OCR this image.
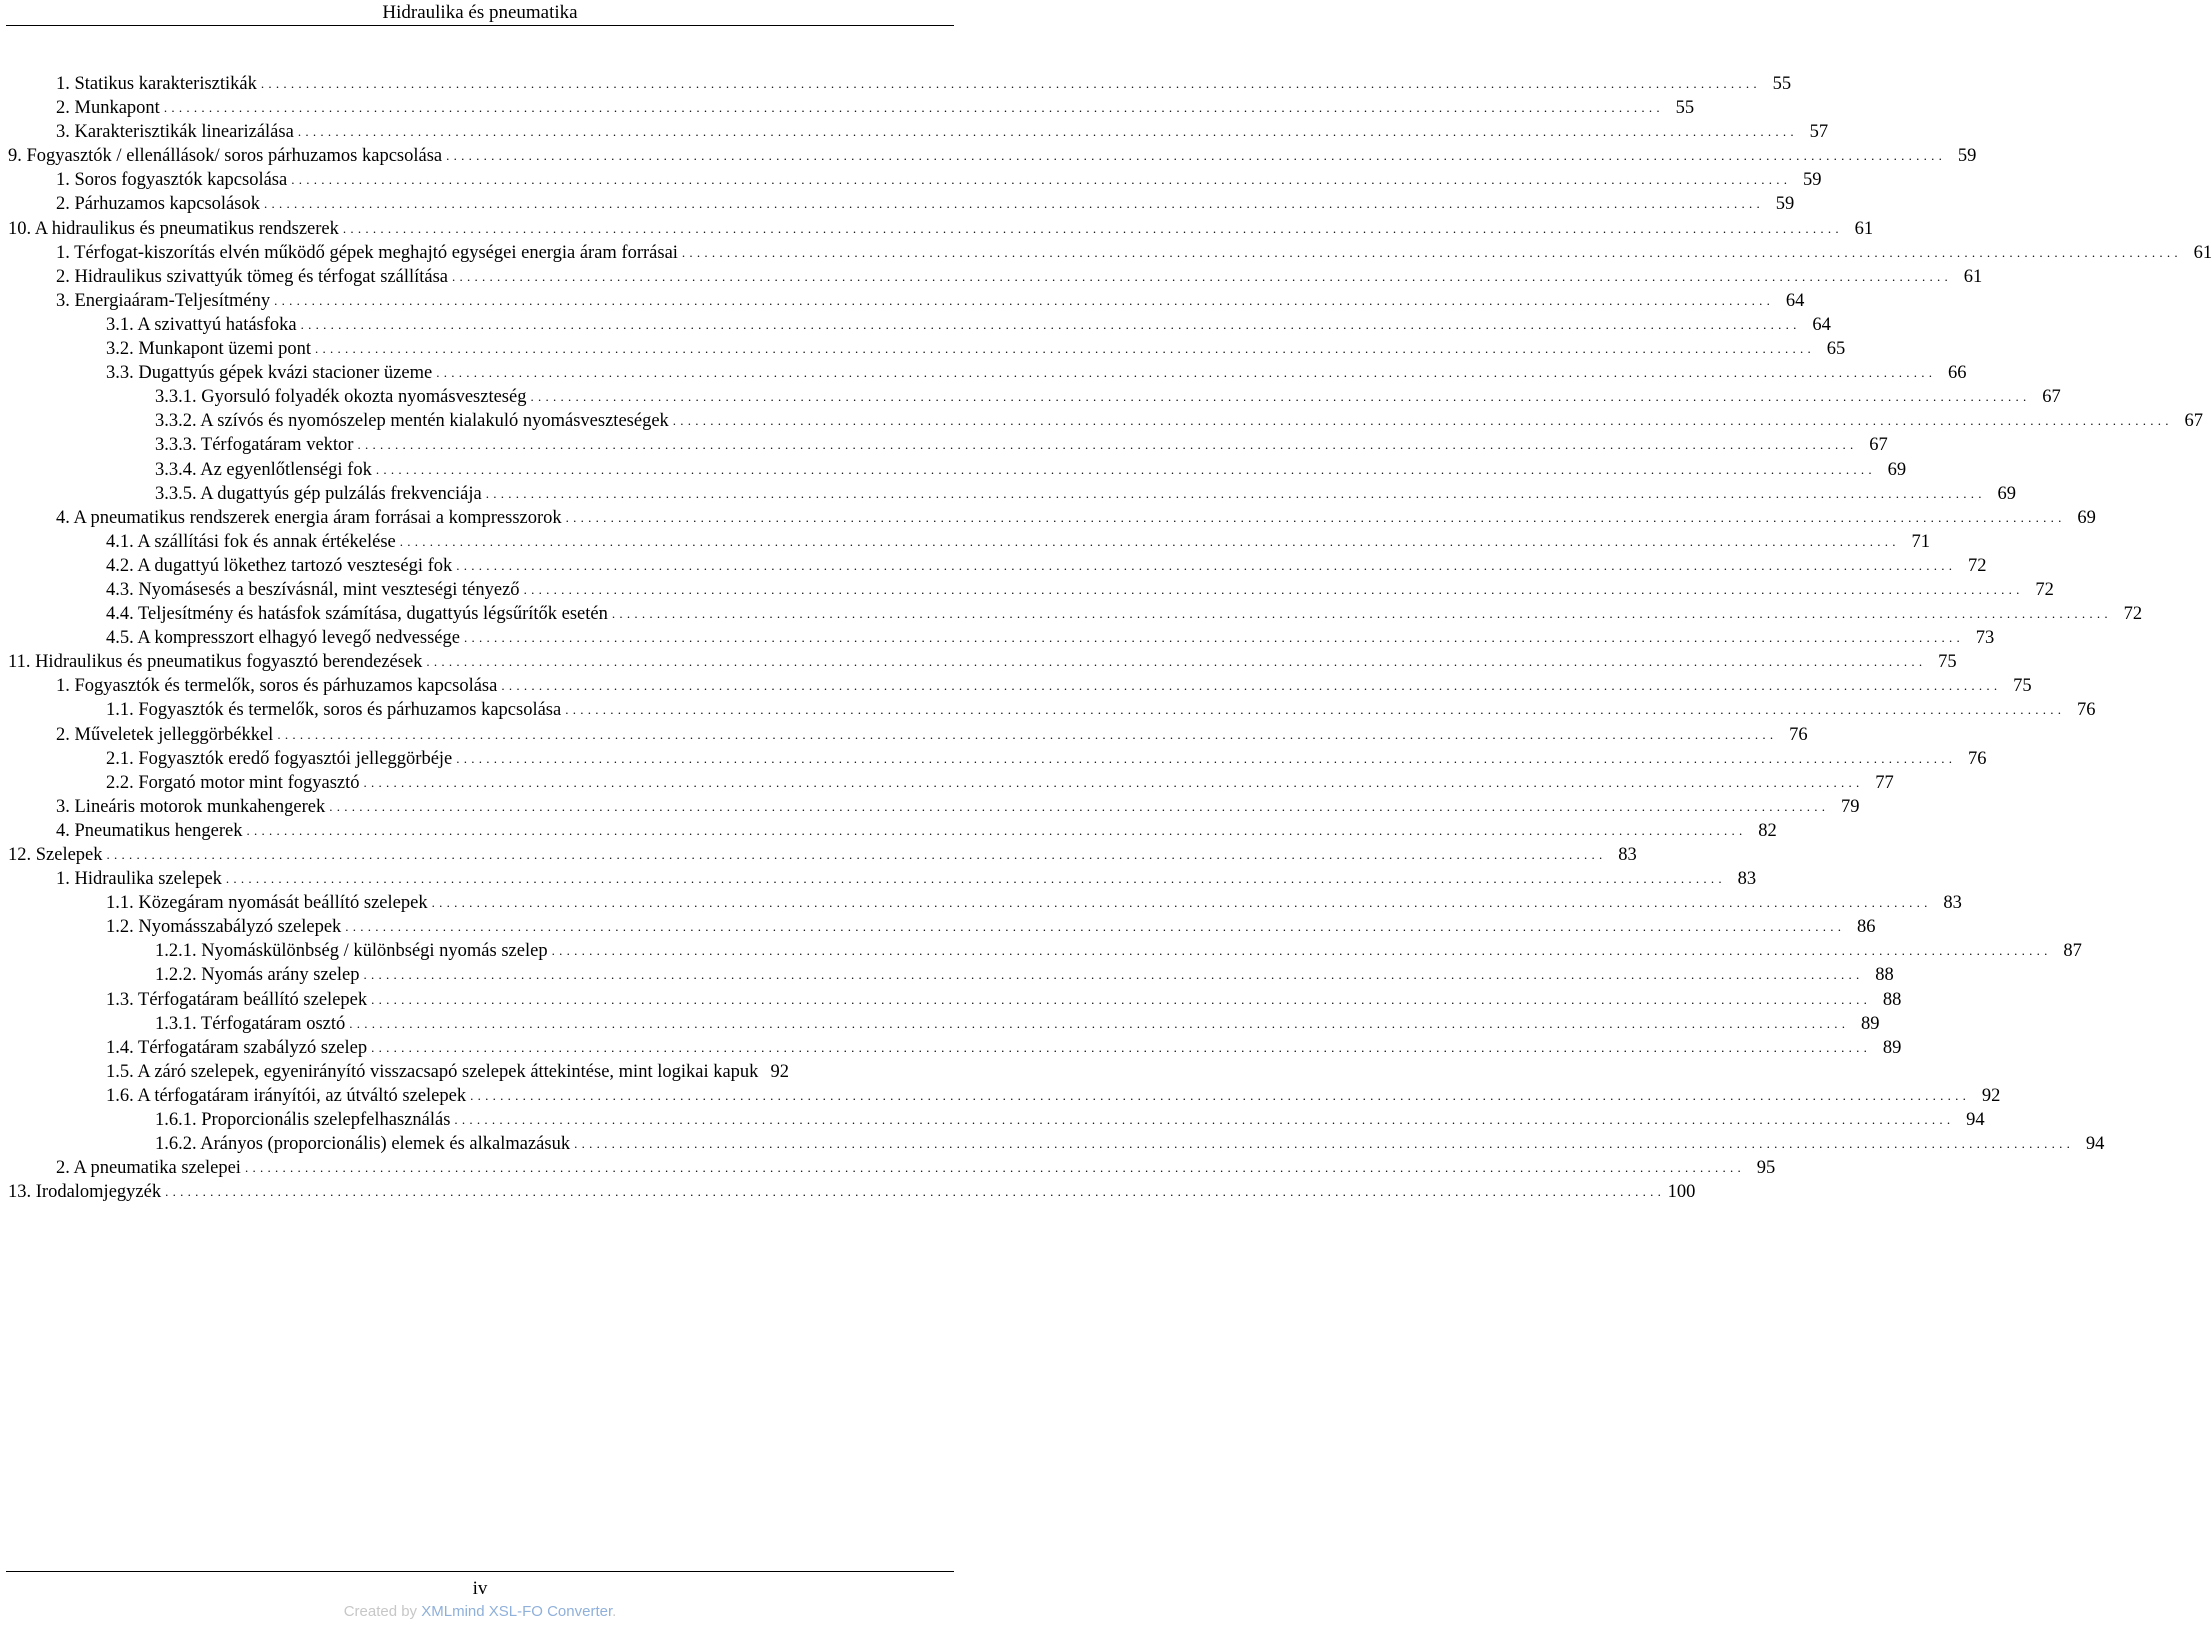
Hidraulika és pneumatika
1. Statikus karakterisztikák . . . . . . . . . . . . . . . . . . . . . . . . . . . . . . . . . . . . . . . . . . . . . . . . . . . . . . . . . . . . . . . . . . . . . . . . . . . . . . . . . . . . . . . . . . . . . . . . . . . . . . . . . . . . . . . . . . . . . . . . . . . . . . . . . . . . . . . . . . . . . . . . . . . . . . . . . . . . . . . . . . . . . . . . . . . . . . . . . . . . . . . . . . . . . . . . . . . . . . . . 55
2. Munkapont . . . . . . . . . . . . . . . . . . . . . . . . . . . . . . . . . . . . . . . . . . . . . . . . . . . . . . . . . . . . . . . . . . . . . . . . . . . . . . . . . . . . . . . . . . . . . . . . . . . . . . . . . . . . . . . . . . . . . . . . . . . . . . . . . . . . . . . . . . . . . . . . . . . . . . . . . . . . . . . . . . . . . . . . . . . . . . . . . . . . . . . . . . . . . . . . . . . . . . . . 55
3. Karakterisztikák linearizálása . . . . . . . . . . . . . . . . . . . . . . . . . . . . . . . . . . . . . . . . . . . . . . . . . . . . . . . . . . . . . . . . . . . . . . . . . . . . . . . . . . . . . . . . . . . . . . . . . . . . . . . . . . . . . . . . . . . . . . . . . . . . . . . . . . . . . . . . . . . . . . . . . . . . . . . . . . . . . . . . . . . . . . . . . . . . . . . . . . . . . . . . . . . . . . . . . . . . . . . . 57
9. Fogyasztók / ellenállások/ soros párhuzamos kapcsolása . . . . . . . . . . . . . . . . . . . . . . . . . . . . . . . . . . . . . . . . . . . . . . . . . . . . . . . . . . . . . . . . . . . . . . . . . . . . . . . . . . . . . . . . . . . . . . . . . . . . . . . . . . . . . . . . . . . . . . . . . . . . . . . . . . . . . . . . . . . . . . . . . . . . . . . . . . . . . . . . . . . . . . . . . . . . . . . . . . . . . . . . . . . . . . . . . . . . . . . . 59
1. Soros fogyasztók kapcsolása . . . . . . . . . . . . . . . . . . . . . . . . . . . . . . . . . . . . . . . . . . . . . . . . . . . . . . . . . . . . . . . . . . . . . . . . . . . . . . . . . . . . . . . . . . . . . . . . . . . . . . . . . . . . . . . . . . . . . . . . . . . . . . . . . . . . . . . . . . . . . . . . . . . . . . . . . . . . . . . . . . . . . . . . . . . . . . . . . . . . . . . . . . . . . . . . . . . . . . . . 59
2. Párhuzamos kapcsolások . . . . . . . . . . . . . . . . . . . . . . . . . . . . . . . . . . . . . . . . . . . . . . . . . . . . . . . . . . . . . . . . . . . . . . . . . . . . . . . . . . . . . . . . . . . . . . . . . . . . . . . . . . . . . . . . . . . . . . . . . . . . . . . . . . . . . . . . . . . . . . . . . . . . . . . . . . . . . . . . . . . . . . . . . . . . . . . . . . . . . . . . . . . . . . . . . . . . . . . . 59
10. A hidraulikus és pneumatikus rendszerek . . . . . . . . . . . . . . . . . . . . . . . . . . . . . . . . . . . . . . . . . . . . . . . . . . . . . . . . . . . . . . . . . . . . . . . . . . . . . . . . . . . . . . . . . . . . . . . . . . . . . . . . . . . . . . . . . . . . . . . . . . . . . . . . . . . . . . . . . . . . . . . . . . . . . . . . . . . . . . . . . . . . . . . . . . . . . . . . . . . . . . . . . . . . . . . . . . . . . . . . 61
1. Térfogat-kiszorítás elvén működő gépek meghajtó egységei energia áram forrásai . . . . . . . . . . . . . . . . . . . . . . . . . . . . . . . . . . . . . . . . . . . . . . . . . . . . . . . . . . . . . . . . . . . . . . . . . . . . . . . . . . . . . . . . . . . . . . . . . . . . . . . . . . . . . . . . . . . . . . . . . . . . . . . . . . . . . . . . . . . . . . . . . . . . . . . . . . . . . . . . . . . . . . . . . . . . . . . . . . . . . . . . . . . . . . . . . . . . . . . . 61
2. Hidraulikus szivattyúk tömeg és térfogat szállítása . . . . . . . . . . . . . . . . . . . . . . . . . . . . . . . . . . . . . . . . . . . . . . . . . . . . . . . . . . . . . . . . . . . . . . . . . . . . . . . . . . . . . . . . . . . . . . . . . . . . . . . . . . . . . . . . . . . . . . . . . . . . . . . . . . . . . . . . . . . . . . . . . . . . . . . . . . . . . . . . . . . . . . . . . . . . . . . . . . . . . . . . . . . . . . . . . . . . . . . . 61
3. Energiaáram-Teljesítmény . . . . . . . . . . . . . . . . . . . . . . . . . . . . . . . . . . . . . . . . . . . . . . . . . . . . . . . . . . . . . . . . . . . . . . . . . . . . . . . . . . . . . . . . . . . . . . . . . . . . . . . . . . . . . . . . . . . . . . . . . . . . . . . . . . . . . . . . . . . . . . . . . . . . . . . . . . . . . . . . . . . . . . . . . . . . . . . . . . . . . . . . . . . . . . . . . . . . . . . . 64
3.1. A szivattyú hatásfoka . . . . . . . . . . . . . . . . . . . . . . . . . . . . . . . . . . . . . . . . . . . . . . . . . . . . . . . . . . . . . . . . . . . . . . . . . . . . . . . . . . . . . . . . . . . . . . . . . . . . . . . . . . . . . . . . . . . . . . . . . . . . . . . . . . . . . . . . . . . . . . . . . . . . . . . . . . . . . . . . . . . . . . . . . . . . . . . . . . . . . . . . . . . . . . . . . . . . . . . . 64
3.2. Munkapont üzemi pont . . . . . . . . . . . . . . . . . . . . . . . . . . . . . . . . . . . . . . . . . . . . . . . . . . . . . . . . . . . . . . . . . . . . . . . . . . . . . . . . . . . . . . . . . . . . . . . . . . . . . . . . . . . . . . . . . . . . . . . . . . . . . . . . . . . . . . . . . . . . . . . . . . . . . . . . . . . . . . . . . . . . . . . . . . . . . . . . . . . . . . . . . . . . . . . . . . . . . . . . 65
3.3. Dugattyús gépek kvázi stacioner üzeme . . . . . . . . . . . . . . . . . . . . . . . . . . . . . . . . . . . . . . . . . . . . . . . . . . . . . . . . . . . . . . . . . . . . . . . . . . . . . . . . . . . . . . . . . . . . . . . . . . . . . . . . . . . . . . . . . . . . . . . . . . . . . . . . . . . . . . . . . . . . . . . . . . . . . . . . . . . . . . . . . . . . . . . . . . . . . . . . . . . . . . . . . . . . . . . . . . . . . . . . 66
3.3.1. Gyorsuló folyadék okozta nyomásveszteség . . . . . . . . . . . . . . . . . . . . . . . . . . . . . . . . . . . . . . . . . . . . . . . . . . . . . . . . . . . . . . . . . . . . . . . . . . . . . . . . . . . . . . . . . . . . . . . . . . . . . . . . . . . . . . . . . . . . . . . . . . . . . . . . . . . . . . . . . . . . . . . . . . . . . . . . . . . . . . . . . . . . . . . . . . . . . . . . . . . . . . . . . . . . . . . . . . . . . . . . 67
3.3.2. A szívós és nyomószelep mentén kialakuló nyomásveszteségek . . . . . . . . . . . . . . . . . . . . . . . . . . . . . . . . . . . . . . . . . . . . . . . . . . . . . . . . . . . . . . . . . . . . . . . . . . . . . . . . . . . . . . . . . . . . . . . . . . . . . . . . . . . . . . . . . . . . . . . . . . . . . . . . . . . . . . . . . . . . . . . . . . . . . . . . . . . . . . . . . . . . . . . . . . . . . . . . . . . . . . . . . . . . . . . . . . . . . . . . 67
3.3.3. Térfogatáram vektor . . . . . . . . . . . . . . . . . . . . . . . . . . . . . . . . . . . . . . . . . . . . . . . . . . . . . . . . . . . . . . . . . . . . . . . . . . . . . . . . . . . . . . . . . . . . . . . . . . . . . . . . . . . . . . . . . . . . . . . . . . . . . . . . . . . . . . . . . . . . . . . . . . . . . . . . . . . . . . . . . . . . . . . . . . . . . . . . . . . . . . . . . . . . . . . . . . . . . . . . 67
3.3.4. Az egyenlőtlenségi fok . . . . . . . . . . . . . . . . . . . . . . . . . . . . . . . . . . . . . . . . . . . . . . . . . . . . . . . . . . . . . . . . . . . . . . . . . . . . . . . . . . . . . . . . . . . . . . . . . . . . . . . . . . . . . . . . . . . . . . . . . . . . . . . . . . . . . . . . . . . . . . . . . . . . . . . . . . . . . . . . . . . . . . . . . . . . . . . . . . . . . . . . . . . . . . . . . . . . . . . . 69
3.3.5. A dugattyús gép pulzálás frekvenciája . . . . . . . . . . . . . . . . . . . . . . . . . . . . . . . . . . . . . . . . . . . . . . . . . . . . . . . . . . . . . . . . . . . . . . . . . . . . . . . . . . . . . . . . . . . . . . . . . . . . . . . . . . . . . . . . . . . . . . . . . . . . . . . . . . . . . . . . . . . . . . . . . . . . . . . . . . . . . . . . . . . . . . . . . . . . . . . . . . . . . . . . . . . . . . . . . . . . . . . . 69
4. A pneumatikus rendszerek energia áram forrásai a kompresszorok . . . . . . . . . . . . . . . . . . . . . . . . . . . . . . . . . . . . . . . . . . . . . . . . . . . . . . . . . . . . . . . . . . . . . . . . . . . . . . . . . . . . . . . . . . . . . . . . . . . . . . . . . . . . . . . . . . . . . . . . . . . . . . . . . . . . . . . . . . . . . . . . . . . . . . . . . . . . . . . . . . . . . . . . . . . . . . . . . . . . . . . . . . . . . . . . . . . . . . . . 69
4.1. A szállítási fok és annak értékelése . . . . . . . . . . . . . . . . . . . . . . . . . . . . . . . . . . . . . . . . . . . . . . . . . . . . . . . . . . . . . . . . . . . . . . . . . . . . . . . . . . . . . . . . . . . . . . . . . . . . . . . . . . . . . . . . . . . . . . . . . . . . . . . . . . . . . . . . . . . . . . . . . . . . . . . . . . . . . . . . . . . . . . . . . . . . . . . . . . . . . . . . . . . . . . . . . . . . . . . . 71
4.2. A dugattyú lökethez tartozó veszteségi fok . . . . . . . . . . . . . . . . . . . . . . . . . . . . . . . . . . . . . . . . . . . . . . . . . . . . . . . . . . . . . . . . . . . . . . . . . . . . . . . . . . . . . . . . . . . . . . . . . . . . . . . . . . . . . . . . . . . . . . . . . . . . . . . . . . . . . . . . . . . . . . . . . . . . . . . . . . . . . . . . . . . . . . . . . . . . . . . . . . . . . . . . . . . . . . . . . . . . . . . . 72
4.3. Nyomásesés a beszívásnál, mint veszteségi tényező . . . . . . . . . . . . . . . . . . . . . . . . . . . . . . . . . . . . . . . . . . . . . . . . . . . . . . . . . . . . . . . . . . . . . . . . . . . . . . . . . . . . . . . . . . . . . . . . . . . . . . . . . . . . . . . . . . . . . . . . . . . . . . . . . . . . . . . . . . . . . . . . . . . . . . . . . . . . . . . . . . . . . . . . . . . . . . . . . . . . . . . . . . . . . . . . . . . . . . . . 72
4.4. Teljesítmény és hatásfok számítása, dugattyús légsűrítők esetén . . . . . . . . . . . . . . . . . . . . . . . . . . . . . . . . . . . . . . . . . . . . . . . . . . . . . . . . . . . . . . . . . . . . . . . . . . . . . . . . . . . . . . . . . . . . . . . . . . . . . . . . . . . . . . . . . . . . . . . . . . . . . . . . . . . . . . . . . . . . . . . . . . . . . . . . . . . . . . . . . . . . . . . . . . . . . . . . . . . . . . . . . . . . . . . . . . . . . . . . 72
4.5. A kompresszort elhagyó levegő nedvessége . . . . . . . . . . . . . . . . . . . . . . . . . . . . . . . . . . . . . . . . . . . . . . . . . . . . . . . . . . . . . . . . . . . . . . . . . . . . . . . . . . . . . . . . . . . . . . . . . . . . . . . . . . . . . . . . . . . . . . . . . . . . . . . . . . . . . . . . . . . . . . . . . . . . . . . . . . . . . . . . . . . . . . . . . . . . . . . . . . . . . . . . . . . . . . . . . . . . . . . . 73
11. Hidraulikus és pneumatikus fogyasztó berendezések . . . . . . . . . . . . . . . . . . . . . . . . . . . . . . . . . . . . . . . . . . . . . . . . . . . . . . . . . . . . . . . . . . . . . . . . . . . . . . . . . . . . . . . . . . . . . . . . . . . . . . . . . . . . . . . . . . . . . . . . . . . . . . . . . . . . . . . . . . . . . . . . . . . . . . . . . . . . . . . . . . . . . . . . . . . . . . . . . . . . . . . . . . . . . . . . . . . . . . . . 75
1. Fogyasztók és termelők, soros és párhuzamos kapcsolása . . . . . . . . . . . . . . . . . . . . . . . . . . . . . . . . . . . . . . . . . . . . . . . . . . . . . . . . . . . . . . . . . . . . . . . . . . . . . . . . . . . . . . . . . . . . . . . . . . . . . . . . . . . . . . . . . . . . . . . . . . . . . . . . . . . . . . . . . . . . . . . . . . . . . . . . . . . . . . . . . . . . . . . . . . . . . . . . . . . . . . . . . . . . . . . . . . . . . . . . 75
1.1. Fogyasztók és termelők, soros és párhuzamos kapcsolása . . . . . . . . . . . . . . . . . . . . . . . . . . . . . . . . . . . . . . . . . . . . . . . . . . . . . . . . . . . . . . . . . . . . . . . . . . . . . . . . . . . . . . . . . . . . . . . . . . . . . . . . . . . . . . . . . . . . . . . . . . . . . . . . . . . . . . . . . . . . . . . . . . . . . . . . . . . . . . . . . . . . . . . . . . . . . . . . . . . . . . . . . . . . . . . . . . . . . . . . 76
2. Műveletek jelleggörbékkel . . . . . . . . . . . . . . . . . . . . . . . . . . . . . . . . . . . . . . . . . . . . . . . . . . . . . . . . . . . . . . . . . . . . . . . . . . . . . . . . . . . . . . . . . . . . . . . . . . . . . . . . . . . . . . . . . . . . . . . . . . . . . . . . . . . . . . . . . . . . . . . . . . . . . . . . . . . . . . . . . . . . . . . . . . . . . . . . . . . . . . . . . . . . . . . . . . . . . . . . 76
2.1. Fogyasztók eredő fogyasztói jelleggörbéje . . . . . . . . . . . . . . . . . . . . . . . . . . . . . . . . . . . . . . . . . . . . . . . . . . . . . . . . . . . . . . . . . . . . . . . . . . . . . . . . . . . . . . . . . . . . . . . . . . . . . . . . . . . . . . . . . . . . . . . . . . . . . . . . . . . . . . . . . . . . . . . . . . . . . . . . . . . . . . . . . . . . . . . . . . . . . . . . . . . . . . . . . . . . . . . . . . . . . . . . 76
2.2. Forgató motor mint fogyasztó . . . . . . . . . . . . . . . . . . . . . . . . . . . . . . . . . . . . . . . . . . . . . . . . . . . . . . . . . . . . . . . . . . . . . . . . . . . . . . . . . . . . . . . . . . . . . . . . . . . . . . . . . . . . . . . . . . . . . . . . . . . . . . . . . . . . . . . . . . . . . . . . . . . . . . . . . . . . . . . . . . . . . . . . . . . . . . . . . . . . . . . . . . . . . . . . . . . . . . . . 77
3. Lineáris motorok munkahengerek . . . . . . . . . . . . . . . . . . . . . . . . . . . . . . . . . . . . . . . . . . . . . . . . . . . . . . . . . . . . . . . . . . . . . . . . . . . . . . . . . . . . . . . . . . . . . . . . . . . . . . . . . . . . . . . . . . . . . . . . . . . . . . . . . . . . . . . . . . . . . . . . . . . . . . . . . . . . . . . . . . . . . . . . . . . . . . . . . . . . . . . . . . . . . . . . . . . . . . . . 79
4. Pneumatikus hengerek . . . . . . . . . . . . . . . . . . . . . . . . . . . . . . . . . . . . . . . . . . . . . . . . . . . . . . . . . . . . . . . . . . . . . . . . . . . . . . . . . . . . . . . . . . . . . . . . . . . . . . . . . . . . . . . . . . . . . . . . . . . . . . . . . . . . . . . . . . . . . . . . . . . . . . . . . . . . . . . . . . . . . . . . . . . . . . . . . . . . . . . . . . . . . . . . . . . . . . . . 82
12. Szelepek . . . . . . . . . . . . . . . . . . . . . . . . . . . . . . . . . . . . . . . . . . . . . . . . . . . . . . . . . . . . . . . . . . . . . . . . . . . . . . . . . . . . . . . . . . . . . . . . . . . . . . . . . . . . . . . . . . . . . . . . . . . . . . . . . . . . . . . . . . . . . . . . . . . . . . . . . . . . . . . . . . . . . . . . . . . . . . . . . . . . . . . . . . . . . . . . . . . . . . . . 83
1. Hidraulika szelepek . . . . . . . . . . . . . . . . . . . . . . . . . . . . . . . . . . . . . . . . . . . . . . . . . . . . . . . . . . . . . . . . . . . . . . . . . . . . . . . . . . . . . . . . . . . . . . . . . . . . . . . . . . . . . . . . . . . . . . . . . . . . . . . . . . . . . . . . . . . . . . . . . . . . . . . . . . . . . . . . . . . . . . . . . . . . . . . . . . . . . . . . . . . . . . . . . . . . . . . . 83
1.1. Közegáram nyomását beállító szelepek . . . . . . . . . . . . . . . . . . . . . . . . . . . . . . . . . . . . . . . . . . . . . . . . . . . . . . . . . . . . . . . . . . . . . . . . . . . . . . . . . . . . . . . . . . . . . . . . . . . . . . . . . . . . . . . . . . . . . . . . . . . . . . . . . . . . . . . . . . . . . . . . . . . . . . . . . . . . . . . . . . . . . . . . . . . . . . . . . . . . . . . . . . . . . . . . . . . . . . . . 83
1.2. Nyomásszabályzó szelepek . . . . . . . . . . . . . . . . . . . . . . . . . . . . . . . . . . . . . . . . . . . . . . . . . . . . . . . . . . . . . . . . . . . . . . . . . . . . . . . . . . . . . . . . . . . . . . . . . . . . . . . . . . . . . . . . . . . . . . . . . . . . . . . . . . . . . . . . . . . . . . . . . . . . . . . . . . . . . . . . . . . . . . . . . . . . . . . . . . . . . . . . . . . . . . . . . . . . . . . . 86
1.2.1. Nyomáskülönbség / különbségi nyomás szelep . . . . . . . . . . . . . . . . . . . . . . . . . . . . . . . . . . . . . . . . . . . . . . . . . . . . . . . . . . . . . . . . . . . . . . . . . . . . . . . . . . . . . . . . . . . . . . . . . . . . . . . . . . . . . . . . . . . . . . . . . . . . . . . . . . . . . . . . . . . . . . . . . . . . . . . . . . . . . . . . . . . . . . . . . . . . . . . . . . . . . . . . . . . . . . . . . . . . . . . . 87
1.2.2. Nyomás arány szelep . . . . . . . . . . . . . . . . . . . . . . . . . . . . . . . . . . . . . . . . . . . . . . . . . . . . . . . . . . . . . . . . . . . . . . . . . . . . . . . . . . . . . . . . . . . . . . . . . . . . . . . . . . . . . . . . . . . . . . . . . . . . . . . . . . . . . . . . . . . . . . . . . . . . . . . . . . . . . . . . . . . . . . . . . . . . . . . . . . . . . . . . . . . . . . . . . . . . . . . . 88
1.3. Térfogatáram beállító szelepek . . . . . . . . . . . . . . . . . . . . . . . . . . . . . . . . . . . . . . . . . . . . . . . . . . . . . . . . . . . . . . . . . . . . . . . . . . . . . . . . . . . . . . . . . . . . . . . . . . . . . . . . . . . . . . . . . . . . . . . . . . . . . . . . . . . . . . . . . . . . . . . . . . . . . . . . . . . . . . . . . . . . . . . . . . . . . . . . . . . . . . . . . . . . . . . . . . . . . . . . 88
1.3.1. Térfogatáram osztó . . . . . . . . . . . . . . . . . . . . . . . . . . . . . . . . . . . . . . . . . . . . . . . . . . . . . . . . . . . . . . . . . . . . . . . . . . . . . . . . . . . . . . . . . . . . . . . . . . . . . . . . . . . . . . . . . . . . . . . . . . . . . . . . . . . . . . . . . . . . . . . . . . . . . . . . . . . . . . . . . . . . . . . . . . . . . . . . . . . . . . . . . . . . . . . . . . . . . . . . 89
1.4. Térfogatáram szabályzó szelep . . . . . . . . . . . . . . . . . . . . . . . . . . . . . . . . . . . . . . . . . . . . . . . . . . . . . . . . . . . . . . . . . . . . . . . . . . . . . . . . . . . . . . . . . . . . . . . . . . . . . . . . . . . . . . . . . . . . . . . . . . . . . . . . . . . . . . . . . . . . . . . . . . . . . . . . . . . . . . . . . . . . . . . . . . . . . . . . . . . . . . . . . . . . . . . . . . . . . . . . 89
1.5. A záró szelepek, egyenirányító visszacsapó szelepek áttekintése, mint logikai kapuk 92
1.6. A térfogatáram irányítói, az útváltó szelepek . . . . . . . . . . . . . . . . . . . . . . . . . . . . . . . . . . . . . . . . . . . . . . . . . . . . . . . . . . . . . . . . . . . . . . . . . . . . . . . . . . . . . . . . . . . . . . . . . . . . . . . . . . . . . . . . . . . . . . . . . . . . . . . . . . . . . . . . . . . . . . . . . . . . . . . . . . . . . . . . . . . . . . . . . . . . . . . . . . . . . . . . . . . . . . . . . . . . . . . . 92
1.6.1. Proporcionális szelepfelhasználás . . . . . . . . . . . . . . . . . . . . . . . . . . . . . . . . . . . . . . . . . . . . . . . . . . . . . . . . . . . . . . . . . . . . . . . . . . . . . . . . . . . . . . . . . . . . . . . . . . . . . . . . . . . . . . . . . . . . . . . . . . . . . . . . . . . . . . . . . . . . . . . . . . . . . . . . . . . . . . . . . . . . . . . . . . . . . . . . . . . . . . . . . . . . . . . . . . . . . . . . 94
1.6.2. Arányos (proporcionális) elemek és alkalmazásuk . . . . . . . . . . . . . . . . . . . . . . . . . . . . . . . . . . . . . . . . . . . . . . . . . . . . . . . . . . . . . . . . . . . . . . . . . . . . . . . . . . . . . . . . . . . . . . . . . . . . . . . . . . . . . . . . . . . . . . . . . . . . . . . . . . . . . . . . . . . . . . . . . . . . . . . . . . . . . . . . . . . . . . . . . . . . . . . . . . . . . . . . . . . . . . . . . . . . . . . . 94
2. A pneumatika szelepei . . . . . . . . . . . . . . . . . . . . . . . . . . . . . . . . . . . . . . . . . . . . . . . . . . . . . . . . . . . . . . . . . . . . . . . . . . . . . . . . . . . . . . . . . . . . . . . . . . . . . . . . . . . . . . . . . . . . . . . . . . . . . . . . . . . . . . . . . . . . . . . . . . . . . . . . . . . . . . . . . . . . . . . . . . . . . . . . . . . . . . . . . . . . . . . . . . . . . . . . 95
13. Irodalomjegyzék . . . . . . . . . . . . . . . . . . . . . . . . . . . . . . . . . . . . . . . . . . . . . . . . . . . . . . . . . . . . . . . . . . . . . . . . . . . . . . . . . . . . . . . . . . . . . . . . . . . . . . . . . . . . . . . . . . . . . . . . . . . . . . . . . . . . . . . . . . . . . . . . . . . . . . . . . . . . . . . . . . . . . . . . . . . . . . . . . . . . . . . . . . . . . . . . . . . . . . . . 100
iv
Created by XMLmind XSL-FO Converter.
